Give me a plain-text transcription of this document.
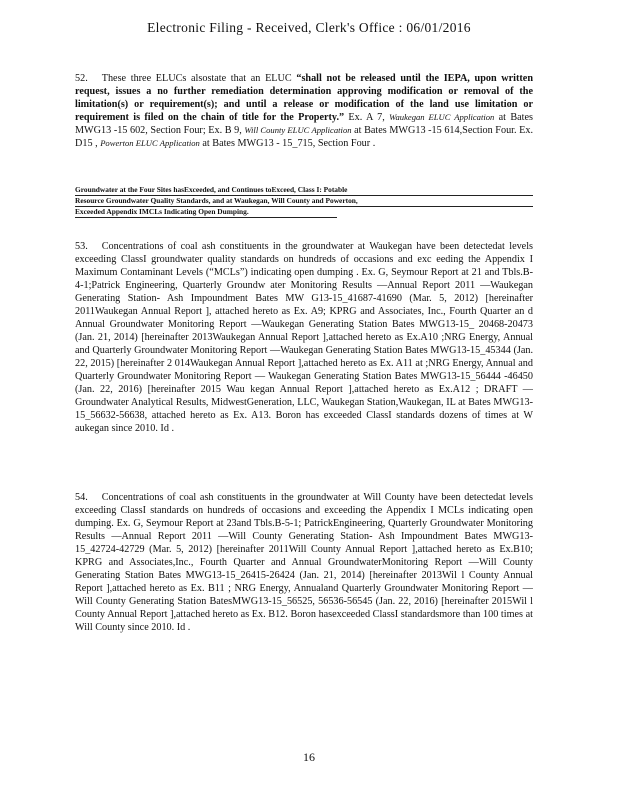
Electronic Filing - Received, Clerk's Office : 06/01/2016
52. These three ELUCs alsostate that an ELUC “shall not be released until the IEPA, upon written request, issues a no further remediation determination approving modification or removal of the limitation(s) or requirement(s); and until a release or modification of the land use limitation or requirement is filed on the chain of title for the Property.” Ex. A 7, Waukegan ELUC Application at Bates MWG13 -15 602, Section Four; Ex. B 9, Will County ELUC Application at Bates MWG13 -15 614,Section Four. Ex. D15 , Powerton ELUC Application at Bates MWG13 - 15_715, Section Four .
Groundwater at the Four Sites hasExceeded, and Continues toExceed, Class I: Potable
Resource Groundwater Quality Standards, and at Waukegan, Will County and Powerton,
Exceeded Appendix IMCLs Indicating Open Dumping.
53. Concentrations of coal ash constituents in the groundwater at Waukegan have been detectedat levels exceeding ClassI groundwater quality standards on hundreds of occasions and exc eeding the Appendix I Maximum Contaminant Levels (“MCLs”) indicating open dumping . Ex. G, Seymour Report at 21 and Tbls.B-4-1;Patrick Engineering, Quarterly Groundw ater Monitoring Results —Annual Report 2011 —Waukegan Generating Station- Ash Impoundment Bates MW G13-15_41687-41690 (Mar. 5, 2012) [hereinafter 2011Waukegan Annual Report ], attached hereto as Ex. A9; KPRG and Associates, Inc., Fourth Quarter an d Annual Groundwater Monitoring Report —Waukegan Generating Station Bates MWG13-15_ 20468-20473 (Jan. 21, 2014) [hereinafter 2013Waukegan Annual Report ],attached hereto as Ex.A10 ;NRG Energy, Annual and Quarterly Groundwater Monitoring Report —Waukegan Generating Station Bates MWG13-15_45344 (Jan. 22, 2015) [hereinafter 2 014Waukegan Annual Report ],attached hereto as Ex. A11 at ;NRG Energy, Annual and Quarterly Groundwater Monitoring Report — Waukegan Generating Station Bates MWG13-15_56444 -46450 (Jan. 22, 2016) [hereinafter 2015 Wau kegan Annual Report ],attached hereto as Ex.A12 ; DRAFT —Groundwater Analytical Results, MidwestGeneration, LLC, Waukegan Station,Waukegan, IL at Bates MWG13- 15_56632-56638, attached hereto as Ex. A13. Boron has exceeded ClassI standards dozens of times at W aukegan since 2010. Id .
54. Concentrations of coal ash constituents in the groundwater at Will County have been detectedat levels exceeding ClassI standards on hundreds of occasions and exceeding the Appendix I MCLs indicating open dumping. Ex. G, Seymour Report at 23and Tbls.B-5-1; PatrickEngineering, Quarterly Groundwater Monitoring Results —Annual Report 2011 —Will County Generating Station- Ash Impoundment Bates MWG13-15_42724-42729 (Mar. 5, 2012) [hereinafter 2011Will County Annual Report ],attached hereto as Ex.B10; KPRG and Associates,Inc., Fourth Quarter and Annual GroundwaterMonitoring Report —Will County Generating Station Bates MWG13-15_26415-26424 (Jan. 21, 2014) [hereinafter 2013Wil l County Annual Report ],attached hereto as Ex. B11 ; NRG Energy, Annualand Quarterly Groundwater Monitoring Report —Will County Generating Station BatesMWG13-15_56525, 56536-56545 (Jan. 22, 2016) [hereinafter 2015Wil l County Annual Report ],attached hereto as Ex. B12. Boron hasexceeded ClassI standardsmore than 100 times at Will County since 2010. Id .
16
